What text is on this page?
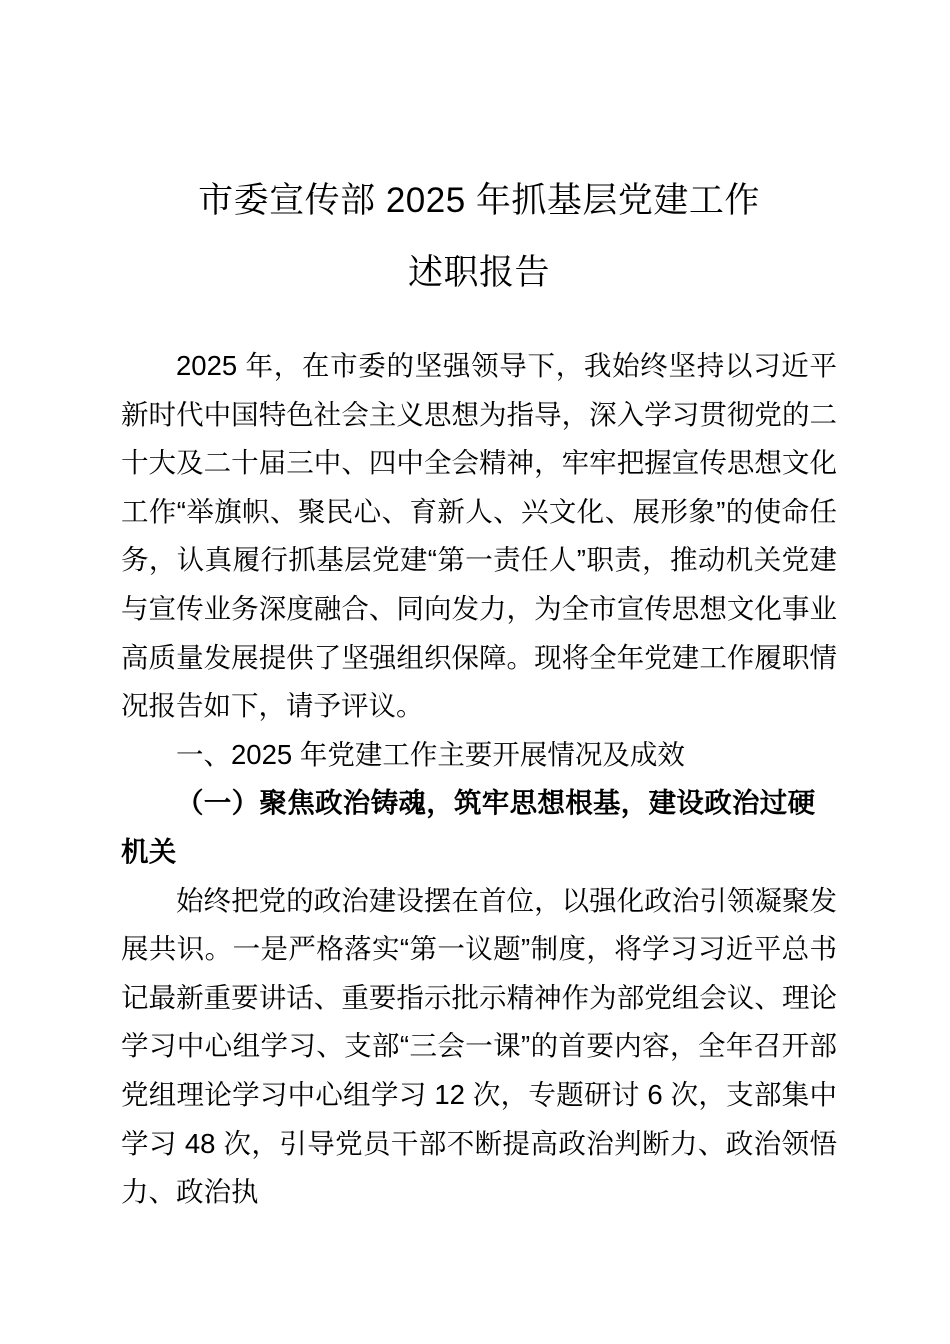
市委宣传部 2025 年抓基层党建工作
述职报告

2025 年，在市委的坚强领导下，我始终坚持以习近平新时代中国特色社会主义思想为指导，深入学习贯彻党的二十大及二十届三中、四中全会精神，牢牢把握宣传思想文化工作“举旗帜、聚民心、育新人、兴文化、展形象”的使命任务，认真履行抓基层党建“第一责任人”职责，推动机关党建与宣传业务深度融合、同向发力，为全市宣传思想文化事业高质量发展提供了坚强组织保障。现将全年党建工作履职情况报告如下，请予评议。

一、2025 年党建工作主要开展情况及成效

（一）聚焦政治铸魂，筑牢思想根基，建设政治过硬机关

始终把党的政治建设摆在首位，以强化政治引领凝聚发展共识。一是严格落实“第一议题”制度，将学习习近平总书记最新重要讲话、重要指示批示精神作为部党组会议、理论学习中心组学习、支部“三会一课”的首要内容，全年召开部党组理论学习中心组学习 12 次，专题研讨 6 次，支部集中学习 48 次，引导党员干部不断提高政治判断力、政治领悟力、政治执
